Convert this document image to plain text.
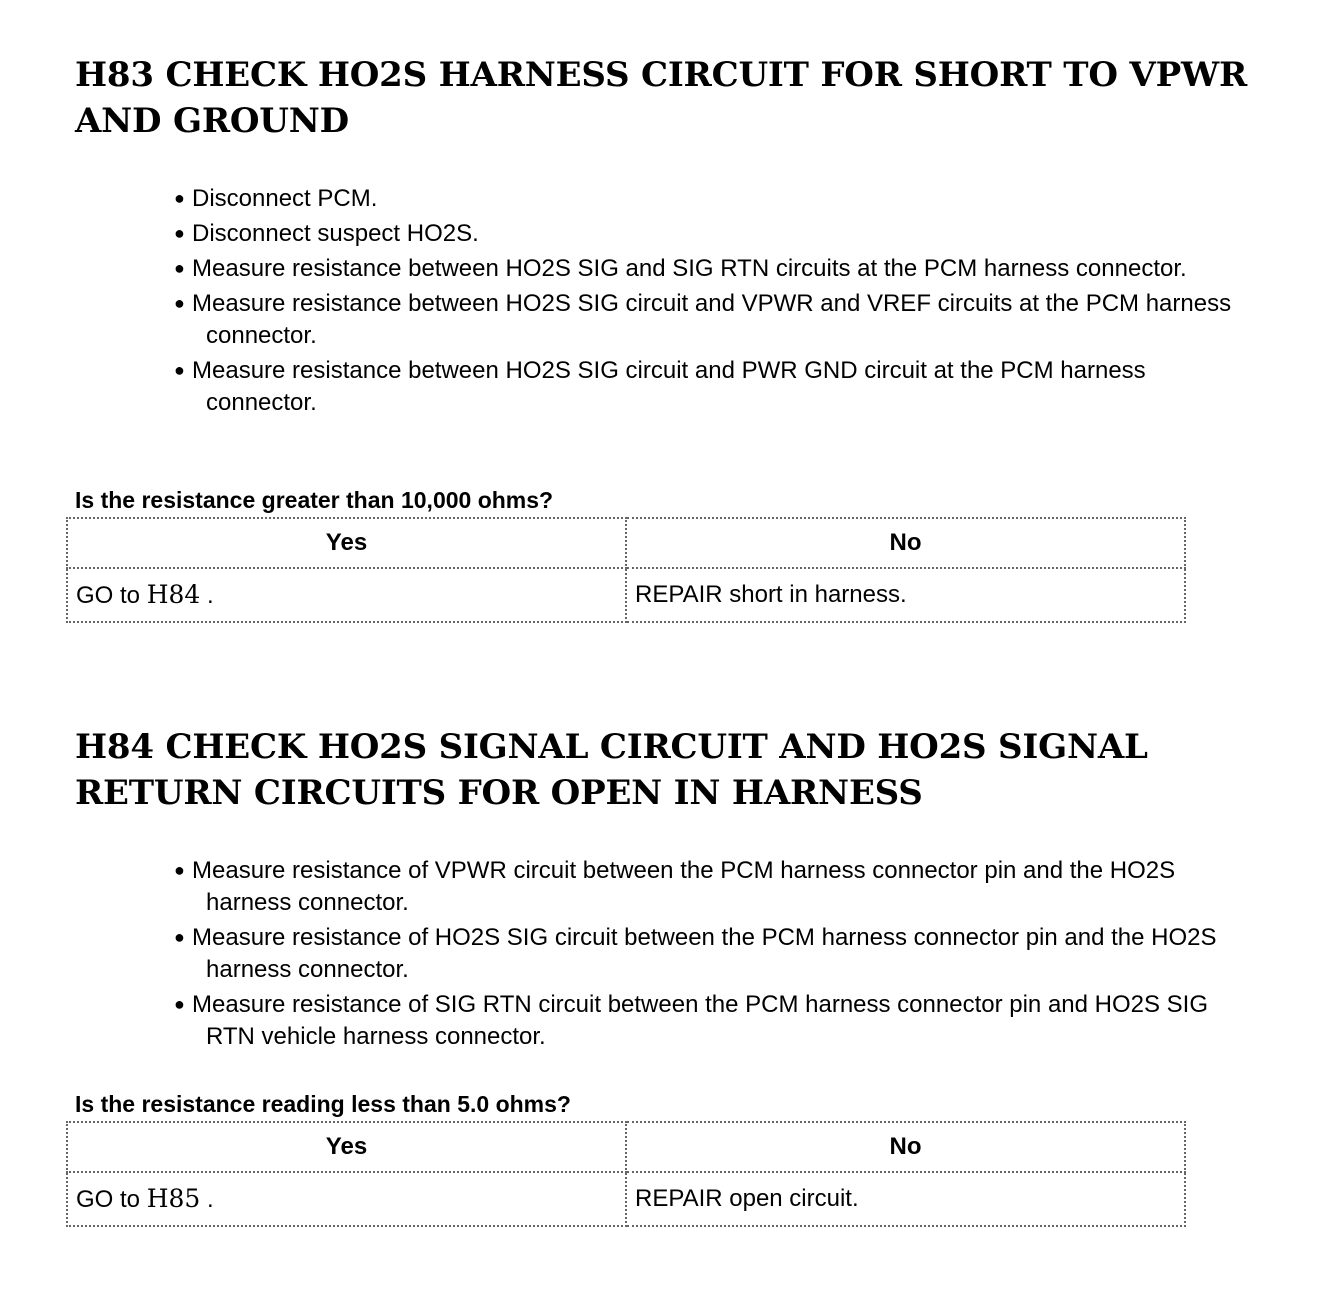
H83 CHECK HO2S HARNESS CIRCUIT FOR SHORT TO VPWR
AND GROUND
● Disconnect PCM.
● Disconnect suspect HO2S.
● Measure resistance between HO2S SIG and SIG RTN circuits at the PCM harness connector.
● Measure resistance between HO2S SIG circuit and VPWR and VREF circuits at the PCM harness connector.
● Measure resistance between HO2S SIG circuit and PWR GND circuit at the PCM harness connector.

Is the resistance greater than 10,000 ohms?

Yes	No
GO to H84 .	REPAIR short in harness.
H84 CHECK HO2S SIGNAL CIRCUIT AND HO2S SIGNAL
RETURN CIRCUITS FOR OPEN IN HARNESS
● Measure resistance of VPWR circuit between the PCM harness connector pin and the HO2S harness connector.
● Measure resistance of HO2S SIG circuit between the PCM harness connector pin and the HO2S harness connector.
● Measure resistance of SIG RTN circuit between the PCM harness connector pin and HO2S SIG RTN vehicle harness connector.

Is the resistance reading less than 5.0 ohms?

Yes	No
GO to H85 .	REPAIR open circuit.
